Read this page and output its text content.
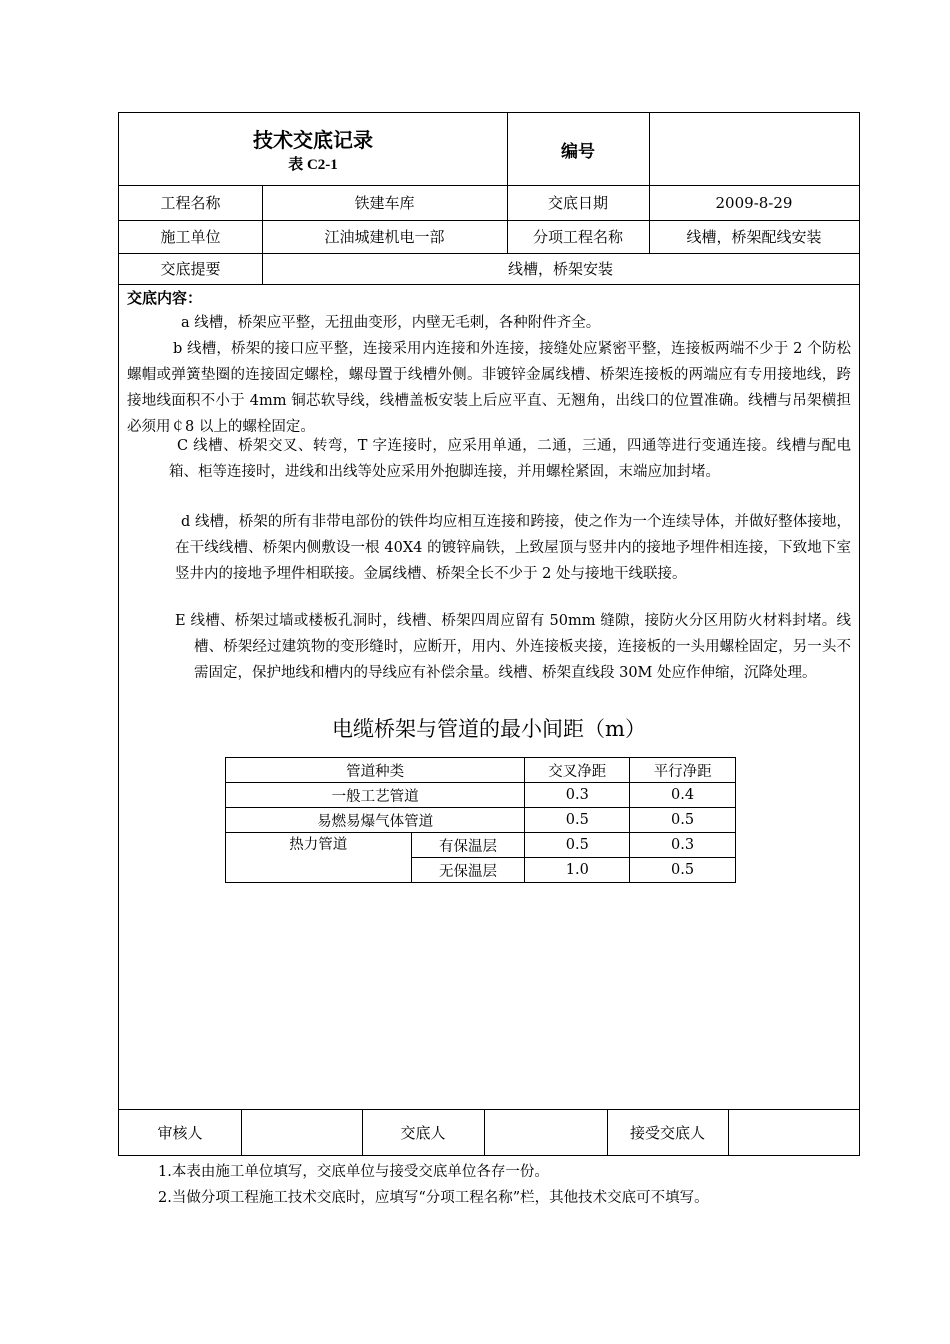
技术交底记录
表 C2-1
编号
工程名称	铁建车库	交底日期	2009-8-29
施工单位	江油城建机电一部	分项工程名称	线槽，桥架配线安装
交底提要	线槽，桥架安装
交底内容：
a 线槽，桥架应平整，无扭曲变形，内壁无毛刺，各种附件齐全。
b 线槽，桥架的接口应平整，连接采用内连接和外连接，接缝处应紧密平整，连接板两端不少于 2 个防松螺帽或弹簧垫圈的连接固定螺栓，螺母置于线槽外侧。非镀锌金属线槽、桥架连接板的两端应有专用接地线，跨接地线面积不小于 4mm 铜芯软导线，线槽盖板安装上后应平直、无翘角，出线口的位置准确。线槽与吊架横担必须用￠8 以上的螺栓固定。
C 线槽、桥架交叉、转弯，T 字连接时，应采用单通，二通，三通，四通等进行变通连接。线槽与配电箱、柜等连接时，进线和出线等处应采用外抱脚连接，并用螺栓紧固，末端应加封堵。
d 线槽，桥架的所有非带电部份的铁件均应相互连接和跨接，使之作为一个连续导体，并做好整体接地，在干线线槽、桥架内侧敷设一根 40X4 的镀锌扁铁，上致屋顶与竖井内的接地予埋件相连接，下致地下室竖井内的接地予埋件相联接。金属线槽、桥架全长不少于 2 处与接地干线联接。
E 线槽、桥架过墙或楼板孔洞时，线槽、桥架四周应留有 50mm 缝隙，接防火分区用防火材料封堵。线槽、桥架经过建筑物的变形缝时，应断开，用内、外连接板夹接，连接板的一头用螺栓固定，另一头不需固定，保护地线和槽内的导线应有补偿余量。线槽、桥架直线段 30M 处应作伸缩，沉降处理。
电缆桥架与管道的最小间距（m）
管道种类		交叉净距	平行净距
一般工艺管道		0.3	0.4
易燃易爆气体管道		0.5	0.5
热力管道	有保温层	0.5	0.3
	无保温层	1.0	0.5
审核人	交底人	接受交底人
1.本表由施工单位填写，交底单位与接受交底单位各存一份。
2.当做分项工程施工技术交底时，应填写“分项工程名称”栏，其他技术交底可不填写。
